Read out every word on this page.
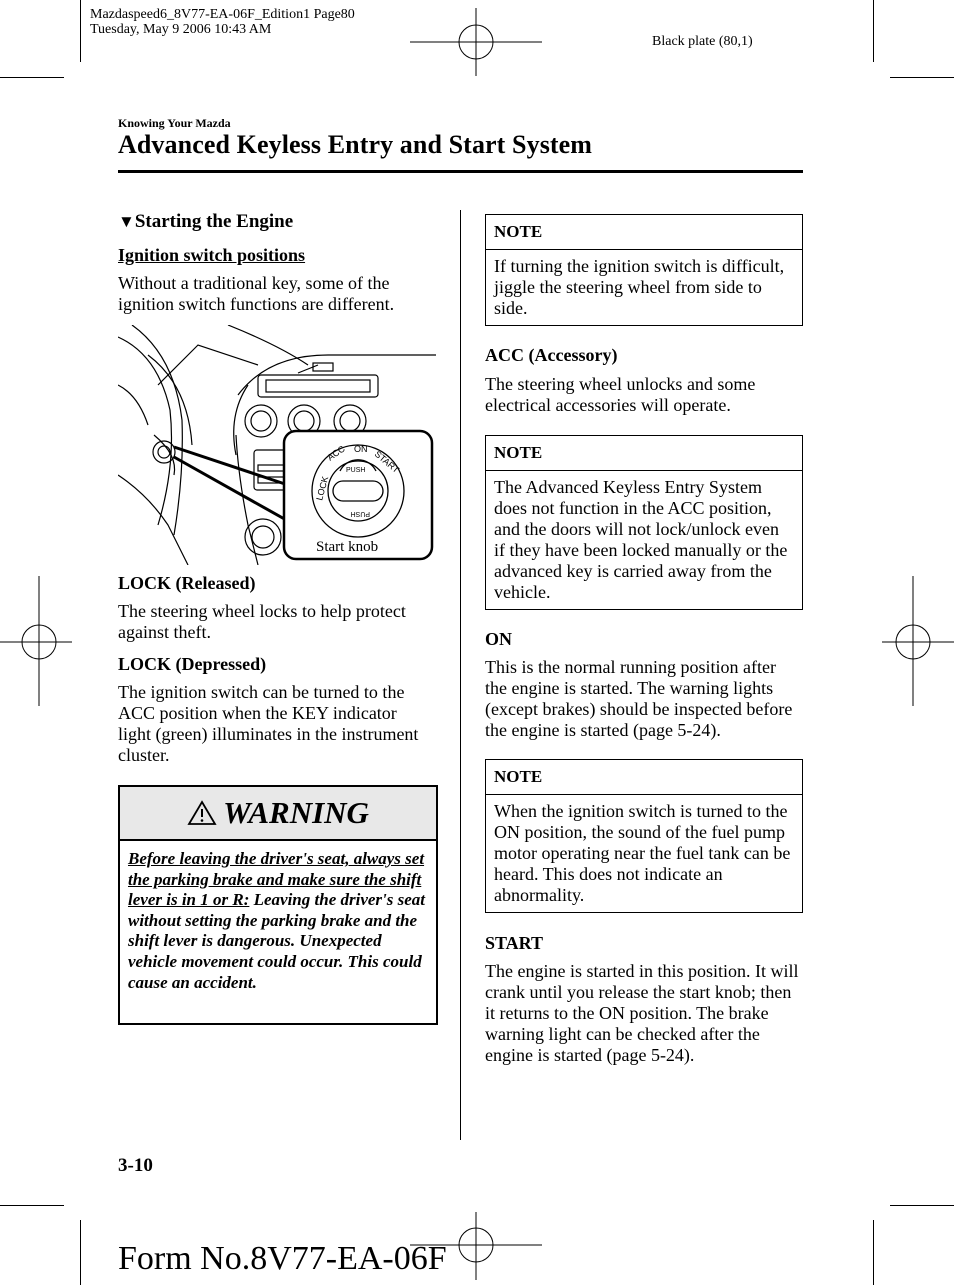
Mazdaspeed6_8V77-EA-06F_Edition1 Page80
Tuesday, May 9 2006 10:43 AM
Black plate (80,1)
Knowing Your Mazda
Advanced Keyless Entry and Start System
▼Starting the Engine
Ignition switch positions
Without a traditional key, some of the ignition switch functions are different.
LOCK
ACC ON START
PUSH
PUSH
Start knob
LOCK (Released)
The steering wheel locks to help protect against theft.
LOCK (Depressed)
The ignition switch can be turned to the ACC position when the KEY indicator light (green) illuminates in the instrument cluster.
WARNING
Before leaving the driver's seat, always set the parking brake and make sure the shift lever is in 1 or R: Leaving the driver's seat without setting the parking brake and the shift lever is dangerous. Unexpected vehicle movement could occur. This could cause an accident.
NOTE
If turning the ignition switch is difficult, jiggle the steering wheel from side to side.
ACC (Accessory)
The steering wheel unlocks and some electrical accessories will operate.
NOTE
The Advanced Keyless Entry System does not function in the ACC position, and the doors will not lock/unlock even if they have been locked manually or the advanced key is carried away from the vehicle.
ON
This is the normal running position after the engine is started. The warning lights (except brakes) should be inspected before the engine is started (page 5-24).
NOTE
When the ignition switch is turned to the ON position, the sound of the fuel pump motor operating near the fuel tank can be heard. This does not indicate an abnormality.
START
The engine is started in this position. It will crank until you release the start knob; then it returns to the ON position. The brake warning light can be checked after the engine is started (page 5-24).
3-10
Form No.8V77-EA-06F
